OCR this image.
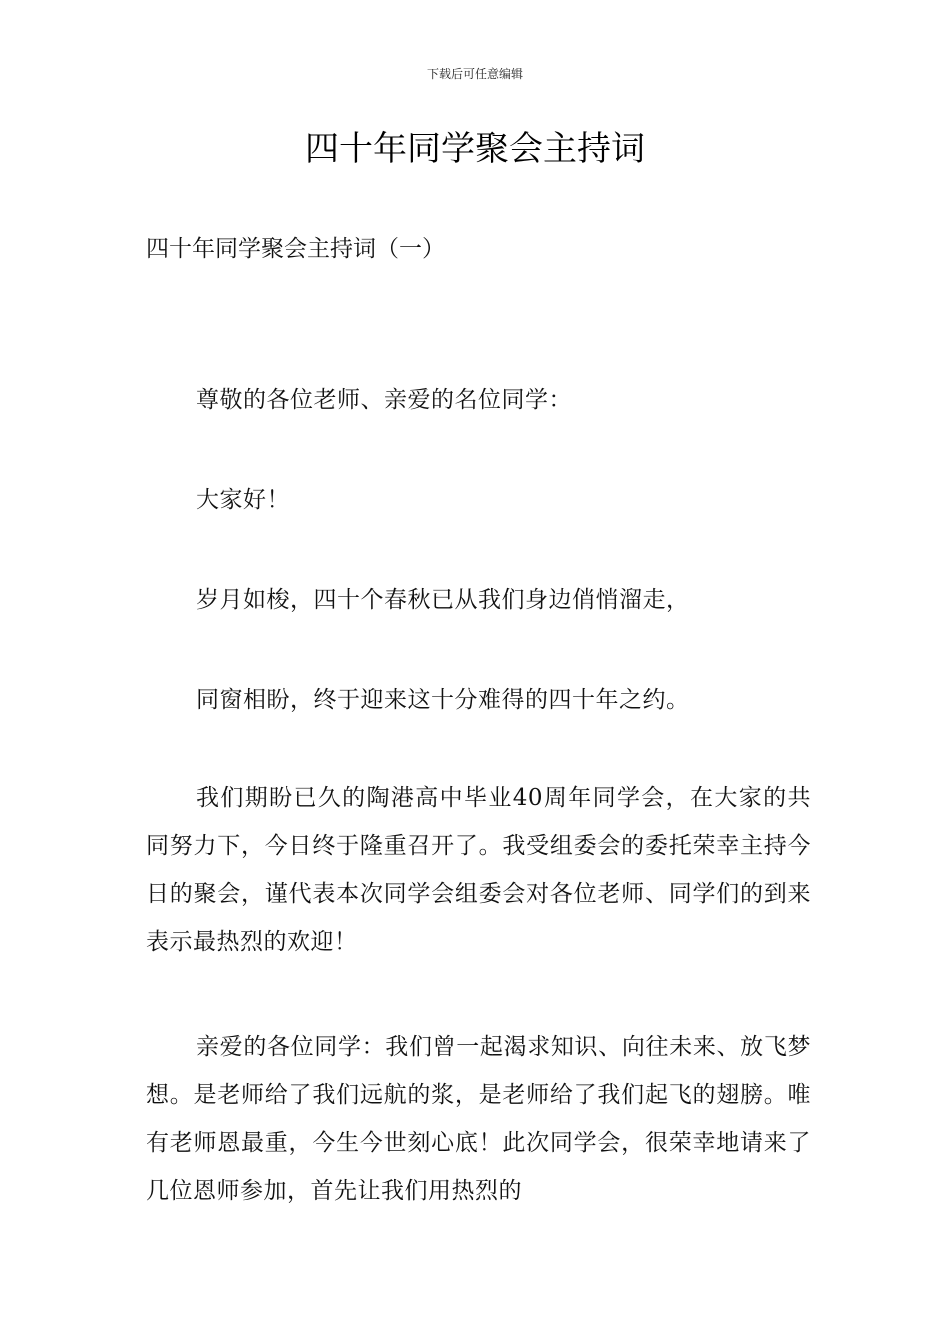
下载后可任意编辑
四十年同学聚会主持词

四十年同学聚会主持词（一）

尊敬的各位老师、亲爱的名位同学：

大家好！

岁月如梭，四十个春秋已从我们身边俏悄溜走，

同窗相盼，终于迎来这十分难得的四十年之约。

我们期盼已久的陶港高中毕业40周年同学会，在大家的共同努力下，今日终于隆重召开了。我受组委会的委托荣幸主持今日的聚会，谨代表本次同学会组委会对各位老师、同学们的到来表示最热烈的欢迎！

亲爱的各位同学：我们曾一起渴求知识、向往未来、放飞梦想。是老师给了我们远航的浆，是老师给了我们起飞的翅膀。唯有老师恩最重，今生今世刻心底！此次同学会，很荣幸地请来了几位恩师参加，首先让我们用热烈的
